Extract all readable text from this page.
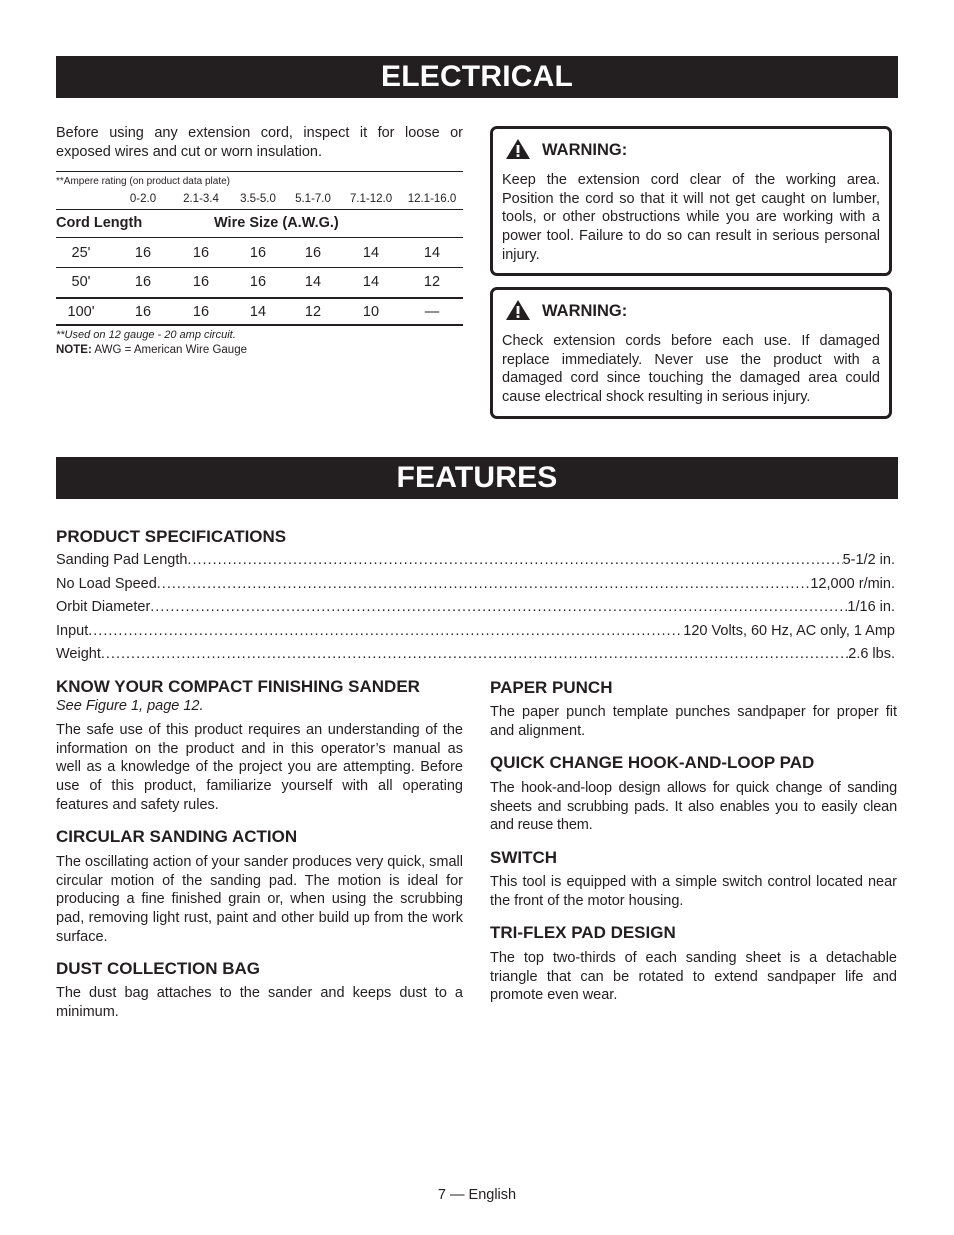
ELECTRICAL
Before using any extension cord, inspect it for loose or exposed wires and cut or worn insulation.
**Ampere rating (on product data plate)
0-2.0	2.1-3.4	3.5-5.0	5.1-7.0	7.1-12.0	12.1-16.0
Cord Length	Wire Size (A.W.G.)
25'	16	16	16	16	14	14
50'	16	16	16	14	14	12
100'	16	16	14	12	10	—
**Used on 12 gauge - 20 amp circuit.
NOTE: AWG = American Wire Gauge
WARNING:
Keep the extension cord clear of the working area. Position the cord so that it will not get caught on lumber, tools, or other obstructions while you are working with a power tool. Failure to do so can result in serious personal injury.
WARNING:
Check extension cords before each use. If damaged replace immediately. Never use the product with a damaged cord since touching the damaged area could cause electrical shock resulting in serious injury.
FEATURES
PRODUCT SPECIFICATIONS
Sanding Pad Length .....	5-1/2 in.
No Load Speed .....	12,000 r/min.
Orbit Diameter .....	1/16 in.
Input .....	120 Volts, 60 Hz, AC only, 1 Amp
Weight .....	2.6 lbs.
KNOW YOUR COMPACT FINISHING SANDER
See Figure 1, page 12.
The safe use of this product requires an understanding of the information on the product and in this operator’s manual as well as a knowledge of the project you are attempting. Before use of this product, familiarize yourself with all operating features and safety rules.
CIRCULAR SANDING ACTION
The oscillating action of your sander produces very quick, small circular motion of the sanding pad. The motion is ideal for producing a fine finished grain or, when using the scrubbing pad, removing light rust, paint and other build up from the work surface.
DUST COLLECTION BAG
The dust bag attaches to the sander and keeps dust to a minimum.
PAPER PUNCH
The paper punch template punches sandpaper for proper fit and alignment.
QUICK CHANGE HOOK-AND-LOOP PAD
The hook-and-loop design allows for quick change of sanding sheets and scrubbing pads. It also enables you to easily clean and reuse them.
SWITCH
This tool is equipped with a simple switch control located near the front of the motor housing.
TRI-FLEX PAD DESIGN
The top two-thirds of each sanding sheet is a detachable triangle that can be rotated to extend sandpaper life and promote even wear.
7 — English
